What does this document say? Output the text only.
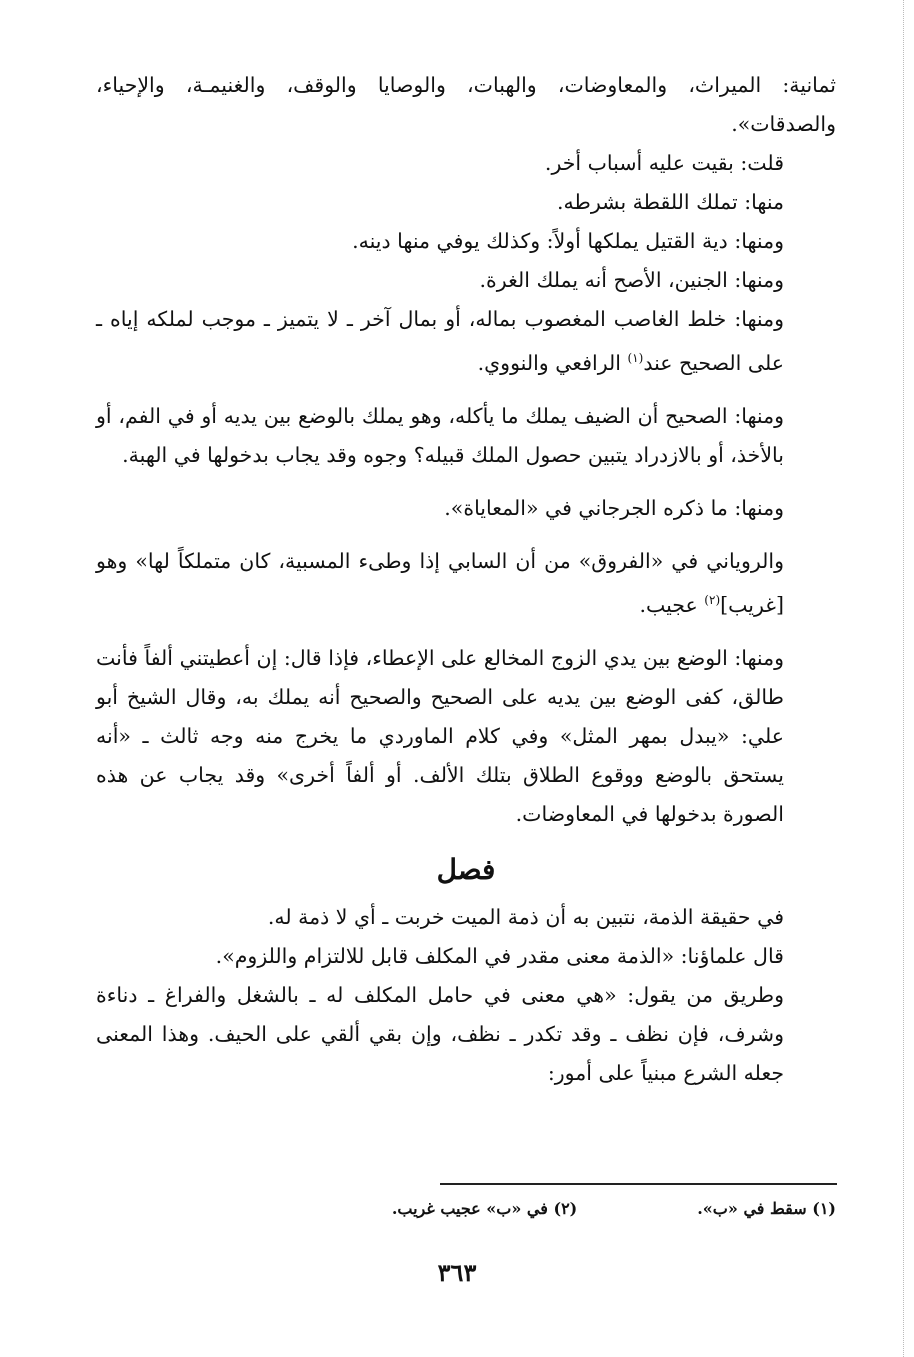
ثمانية: الميراث، والمعاوضات، والهبات، والوصايا والوقف، والغنيمـة، والإحياء، والصدقات».

قلت: بقيت عليه أسباب أخر.

منها: تملك اللقطة بشرطه.

ومنها: دية القتيل يملكها أولاً: وكذلك يوفي منها دينه.

ومنها: الجنين، الأصح أنه يملك الغرة.

ومنها: خلط الغاصب المغصوب بماله، أو بمال آخر ـ لا يتميز ـ موجب لملكه إياه ـ على الصحيح عند$^{(١)}$ الرافعي والنووي.

ومنها: الصحيح أن الضيف يملك ما يأكله، وهو يملك بالوضع بين يديه أو في الفم، أو بالأخذ، أو بالازدراد يتبين حصول الملك قبيله؟ وجوه وقد يجاب بدخولها في الهبة.

ومنها: ما ذكره الجرجاني في «المعاياة».

والروياني في «الفروق» من أن السابي إذا وطىء المسبية، كان متملكاً لها» وهو [غريب]$^{(٢)}$ عجيب.

ومنها: الوضع بين يدي الزوج المخالع على الإعطاء، فإذا قال: إن أعطيتني ألفاً فأنت طالق، كفى الوضع بين يديه على الصحيح والصحيح أنه يملك به، وقال الشيخ أبو علي: «يبدل بمهر المثل» وفي كلام الماوردي ما يخرج منه وجه ثالث ـ «أنه يستحق بالوضع ووقوع الطلاق بتلك الألف. أو ألفاً أخرى» وقد يجاب عن هذه الصورة بدخولها في المعاوضات.

فصل

في حقيقة الذمة، نتبين به أن ذمة الميت خربت ـ أي لا ذمة له.

قال علماؤنا: «الذمة معنى مقدر في المكلف قابل للالتزام واللزوم».

وطريق من يقول: «هي معنى في حامل المكلف له ـ بالشغل والفراغ ـ دناءة وشرف، فإن نظف ـ وقد تكدر ـ نظف، وإن بقي ألقي على الحيف. وهذا المعنى جعله الشرع مبنياً على أمور:

(١) سقط في «ب».
(٢) في «ب» عجيب غريب.
٣٦٣
